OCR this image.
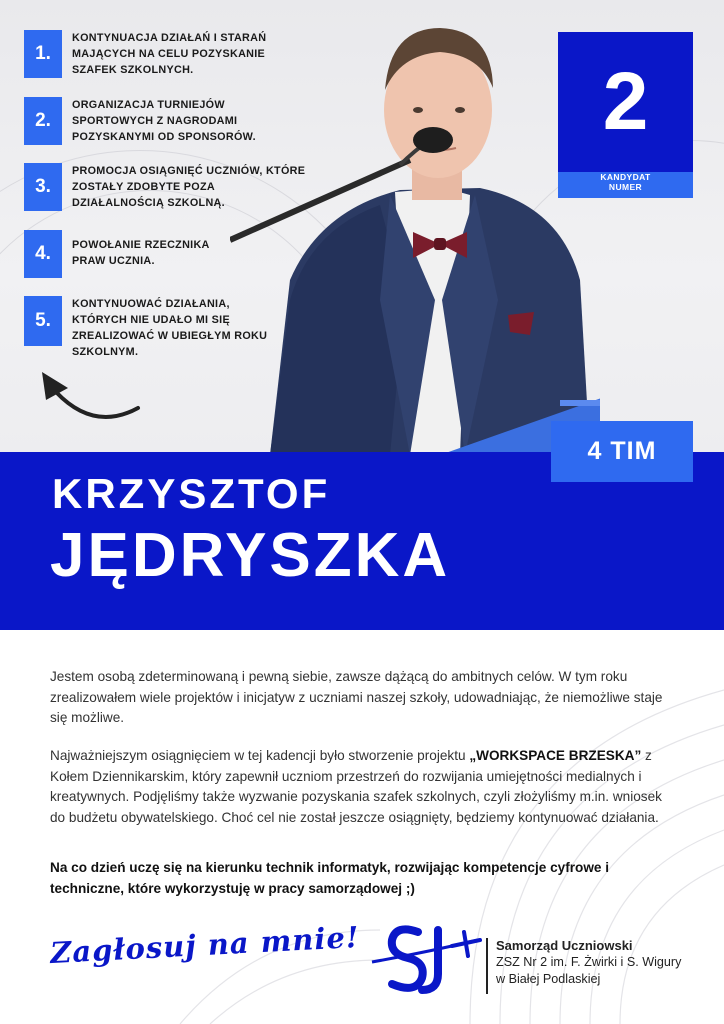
1.
KONTYNUACJA DZIAŁAŃ I STARAŃ MAJĄCYCH NA CELU POZYSKANIE SZAFEK SZKOLNYCH.
2.
ORGANIZACJA TURNIEJÓW SPORTOWYCH Z NAGRODAMI POZYSKANYMI OD SPONSORÓW.
3.
PROMOCJA OSIĄGNIĘĆ UCZNIÓW, KTÓRE ZOSTAŁY ZDOBYTE POZA DZIAŁALNOŚCIĄ SZKOLNĄ.
4.	POWOŁANIE RZECZNIKA PRAW UCZNIA.
5.
KONTYNUOWAĆ DZIAŁANIA, KTÓRYCH NIE UDAŁO MI SIĘ ZREALIZOWAĆ W UBIEGŁYM ROKU SZKOLNYM.
2
KANDYDAT
NUMER
4 TIM
KRZYSZTOF
JĘDRYSZKA
Jestem osobą zdeterminowaną i pewną siebie, zawsze dążącą do ambitnych celów. W tym roku zrealizowałem wiele projektów i inicjatyw z uczniami naszej szkoły, udowadniając, że niemożliwe staje się możliwe.
Najważniejszym osiągnięciem w tej kadencji było stworzenie projektu „WORKSPACE BRZESKA” z Kołem Dziennikarskim, który zapewnił uczniom przestrzeń do rozwijania umiejętności medialnych i kreatywnych. Podjęliśmy także wyzwanie pozyskania szafek szkolnych, czyli złożyliśmy m.in. wniosek do budżetu obywatelskiego. Choć cel nie został jeszcze osiągnięty, będziemy kontynuować działania.
Na co dzień uczę się na kierunku technik informatyk, rozwijając kompetencje cyfrowe i techniczne, które wykorzystuję w pracy samorządowej ;)
Zagłosuj na mnie!	Samorząd Uczniowski
ZSZ Nr 2 im. F. Żwirki i S. Wigury
w Białej Podlaskiej
